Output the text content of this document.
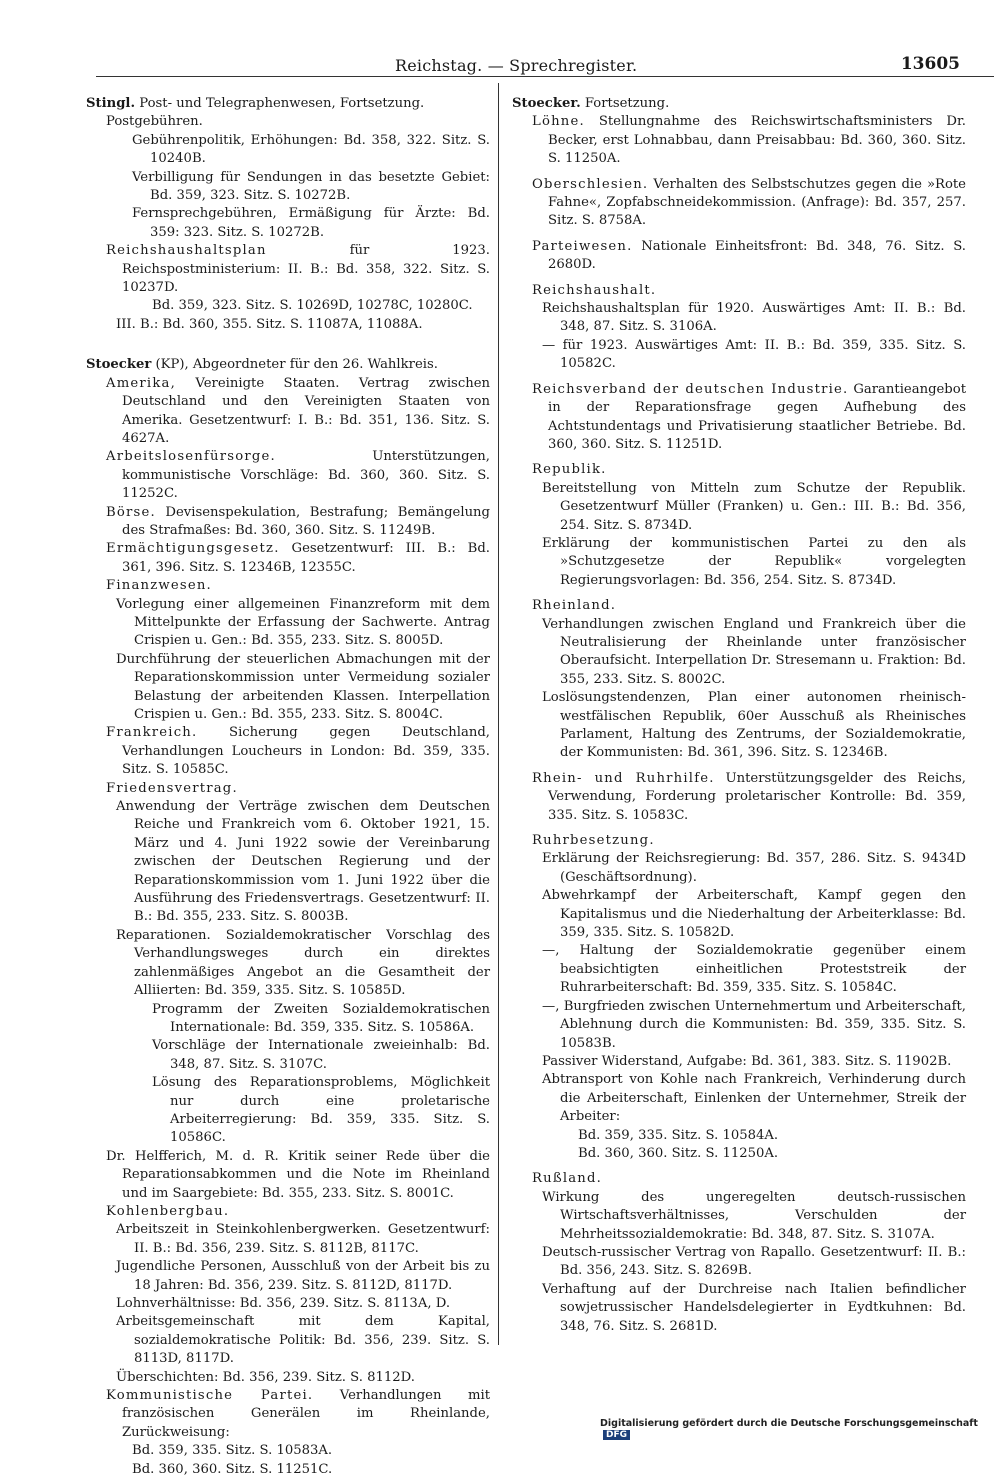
Reichstag. — Sprechregister.	13605

Stingl. Post- und Telegraphenwesen, Fortsetzung.

Postgebühren.

Gebührenpolitik, Erhöhungen: Bd. 358, 322. Sitz. S. 10240B.

Verbilligung für Sendungen in das besetzte Gebiet: Bd. 359, 323. Sitz. S. 10272B.

Fernsprechgebühren, Ermäßigung für Ärzte: Bd. 359: 323. Sitz. S. 10272B.

Reichshaushaltsplan für 1923. Reichspostministerium: II. B.: Bd. 358, 322. Sitz. S. 10237D.

Bd. 359, 323. Sitz. S. 10269D, 10278C, 10280C.

III. B.: Bd. 360, 355. Sitz. S. 11087A, 11088A.

Stoecker (KP), Abgeordneter für den 26. Wahlkreis.

Amerika, Vereinigte Staaten. Vertrag zwischen Deutschland und den Vereinigten Staaten von Amerika. Gesetzentwurf: I. B.: Bd. 351, 136. Sitz. S. 4627A.

Arbeitslosenfürsorge. Unterstützungen, kommunistische Vorschläge: Bd. 360, 360. Sitz. S. 11252C.

Börse. Devisenspekulation, Bestrafung; Bemängelung des Strafmaßes: Bd. 360, 360. Sitz. S. 11249B.

Ermächtigungsgesetz. Gesetzentwurf: III. B.: Bd. 361, 396. Sitz. S. 12346B, 12355C.

Finanzwesen.

Vorlegung einer allgemeinen Finanzreform mit dem Mittelpunkte der Erfassung der Sachwerte. Antrag Crispien u. Gen.: Bd. 355, 233. Sitz. S. 8005D.

Durchführung der steuerlichen Abmachungen mit der Reparationskommission unter Vermeidung sozialer Belastung der arbeitenden Klassen. Interpellation Crispien u. Gen.: Bd. 355, 233. Sitz. S. 8004C.

Frankreich. Sicherung gegen Deutschland, Verhandlungen Loucheurs in London: Bd. 359, 335. Sitz. S. 10585C.

Friedensvertrag.

Anwendung der Verträge zwischen dem Deutschen Reiche und Frankreich vom 6. Oktober 1921, 15. März und 4. Juni 1922 sowie der Vereinbarung zwischen der Deutschen Regierung und der Reparationskommission vom 1. Juni 1922 über die Ausführung des Friedensvertrags. Gesetzentwurf: II. B.: Bd. 355, 233. Sitz. S. 8003B.

Reparationen. Sozialdemokratischer Vorschlag des Verhandlungsweges durch ein direktes zahlenmäßiges Angebot an die Gesamtheit der Alliierten: Bd. 359, 335. Sitz. S. 10585D.

Programm der Zweiten Sozialdemokratischen Internationale: Bd. 359, 335. Sitz. S. 10586A.

Vorschläge der Internationale zweieinhalb: Bd. 348, 87. Sitz. S. 3107C.

Lösung des Reparationsproblems, Möglichkeit nur durch eine proletarische Arbeiterregierung: Bd. 359, 335. Sitz. S. 10586C.

Dr. Helfferich, M. d. R. Kritik seiner Rede über die Reparationsabkommen und die Note im Rheinland und im Saargebiete: Bd. 355, 233. Sitz. S. 8001C.

Kohlenbergbau.

Arbeitszeit in Steinkohlenbergwerken. Gesetzentwurf: II. B.: Bd. 356, 239. Sitz. S. 8112B, 8117C.

Jugendliche Personen, Ausschluß von der Arbeit bis zu 18 Jahren: Bd. 356, 239. Sitz. S. 8112D, 8117D.

Lohnverhältnisse: Bd. 356, 239. Sitz. S. 8113A, D.

Arbeitsgemeinschaft mit dem Kapital, sozialdemokratische Politik: Bd. 356, 239. Sitz. S. 8113D, 8117D.

Überschichten: Bd. 356, 239. Sitz. S. 8112D.

Kommunistische Partei. Verhandlungen mit französischen Generälen im Rheinlande, Zurückweisung:

Bd. 359, 335. Sitz. S. 10583A.

Bd. 360, 360. Sitz. S. 11251C.

Stoecker. Fortsetzung.

Löhne. Stellungnahme des Reichswirtschaftsministers Dr. Becker, erst Lohnabbau, dann Preisabbau: Bd. 360, 360. Sitz. S. 11250A.

Oberschlesien. Verhalten des Selbstschutzes gegen die »Rote Fahne«, Zopfabschneidekommission. (Anfrage): Bd. 357, 257. Sitz. S. 8758A.

Parteiwesen. Nationale Einheitsfront: Bd. 348, 76. Sitz. S. 2680D.

Reichshaushalt.

Reichshaushaltsplan für 1920. Auswärtiges Amt: II. B.: Bd. 348, 87. Sitz. S. 3106A.

— für 1923. Auswärtiges Amt: II. B.: Bd. 359, 335. Sitz. S. 10582C.

Reichsverband der deutschen Industrie. Garantieangebot in der Reparationsfrage gegen Aufhebung des Achtstundentags und Privatisierung staatlicher Betriebe. Bd. 360, 360. Sitz. S. 11251D.

Republik.

Bereitstellung von Mitteln zum Schutze der Republik. Gesetzentwurf Müller (Franken) u. Gen.: III. B.: Bd. 356, 254. Sitz. S. 8734D.

Erklärung der kommunistischen Partei zu den als »Schutzgesetze der Republik« vorgelegten Regierungsvorlagen: Bd. 356, 254. Sitz. S. 8734D.

Rheinland.

Verhandlungen zwischen England und Frankreich über die Neutralisierung der Rheinlande unter französischer Oberaufsicht. Interpellation Dr. Stresemann u. Fraktion: Bd. 355, 233. Sitz. S. 8002C.

Loslösungstendenzen, Plan einer autonomen rheinisch-westfälischen Republik, 60er Ausschuß als Rheinisches Parlament, Haltung des Zentrums, der Sozialdemokratie, der Kommunisten: Bd. 361, 396. Sitz. S. 12346B.

Rhein- und Ruhrhilfe. Unterstützungsgelder des Reichs, Verwendung, Forderung proletarischer Kontrolle: Bd. 359, 335. Sitz. S. 10583C.

Ruhrbesetzung.

Erklärung der Reichsregierung: Bd. 357, 286. Sitz. S. 9434D (Geschäftsordnung).

Abwehrkampf der Arbeiterschaft, Kampf gegen den Kapitalismus und die Niederhaltung der Arbeiterklasse: Bd. 359, 335. Sitz. S. 10582D.

—, Haltung der Sozialdemokratie gegenüber einem beabsichtigten einheitlichen Proteststreik der Ruhrarbeiterschaft: Bd. 359, 335. Sitz. S. 10584C.

—, Burgfrieden zwischen Unternehmertum und Arbeiterschaft, Ablehnung durch die Kommunisten: Bd. 359, 335. Sitz. S. 10583B.

Passiver Widerstand, Aufgabe: Bd. 361, 383. Sitz. S. 11902B.

Abtransport von Kohle nach Frankreich, Verhinderung durch die Arbeiterschaft, Einlenken der Unternehmer, Streik der Arbeiter:

Bd. 359, 335. Sitz. S. 10584A.

Bd. 360, 360. Sitz. S. 11250A.

Rußland.

Wirkung des ungeregelten deutsch-russischen Wirtschaftsverhältnisses, Verschulden der Mehrheitssozialdemokratie: Bd. 348, 87. Sitz. S. 3107A.

Deutsch-russischer Vertrag von Rapallo. Gesetzentwurf: II. B.: Bd. 356, 243. Sitz. S. 8269B.

Verhaftung auf der Durchreise nach Italien befindlicher sowjetrussischer Handelsdelegierter in Eydtkuhnen: Bd. 348, 76. Sitz. S. 2681D.

Digitalisierung gefördert durch die Deutsche Forschungsgemeinschaft DFG
